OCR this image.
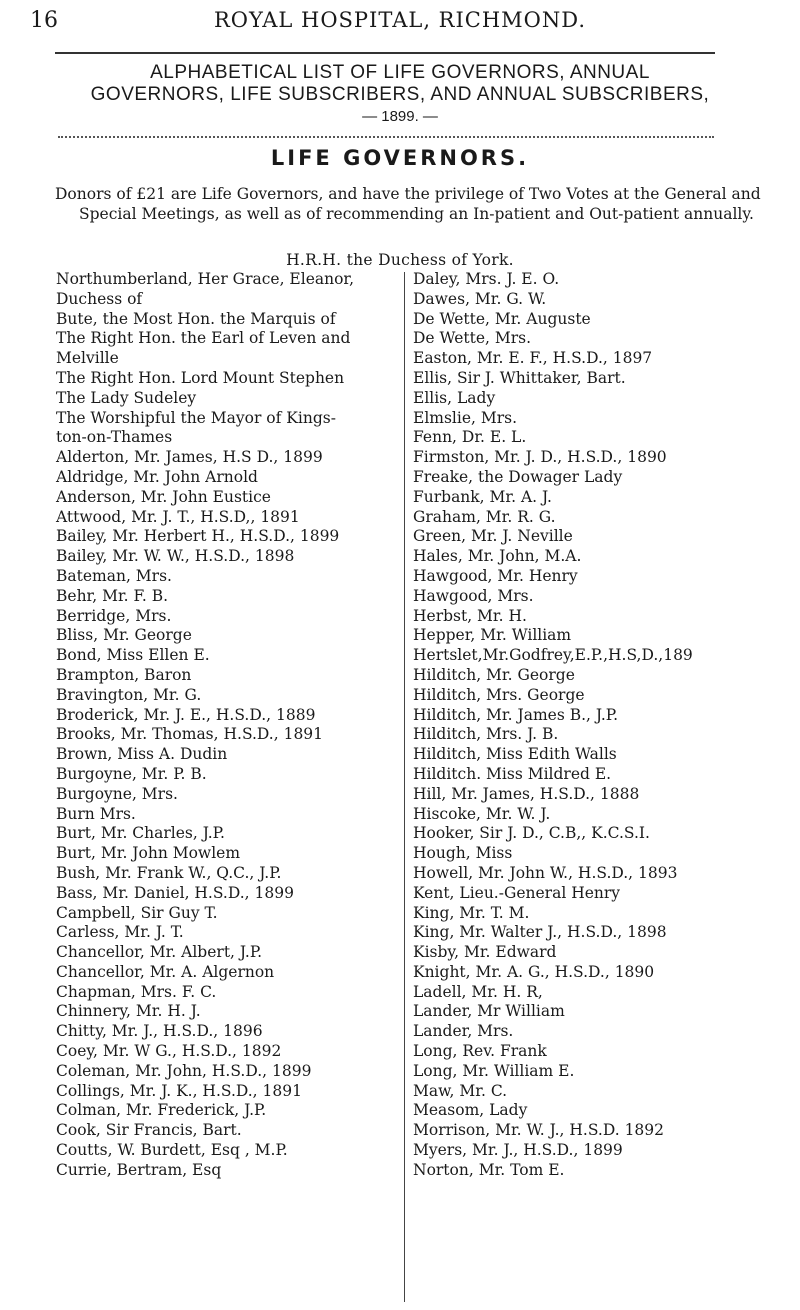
16	ROYAL HOSPITAL, RICHMOND.
ALPHABETICAL LIST OF LIFE GOVERNORS, ANNUAL
GOVERNORS, LIFE SUBSCRIBERS, AND ANNUAL SUBSCRIBERS,
— 1899. —
LIFE GOVERNORS.
Donors of £21 are Life Governors, and have the privilege of Two Votes at the General and Special Meetings, as well as of recommending an In-patient and Out-patient annually.
H.R.H. the Duchess of York.
Northumberland, Her Grace, Eleanor,
Duchess of
Bute, the Most Hon. the Marquis of
The Right Hon. the Earl of Leven and
Melville
The Right Hon. Lord Mount Stephen
The Lady Sudeley
The Worshipful the Mayor of Kings-
ton-on-Thames
Alderton, Mr. James, H.S D., 1899
Aldridge, Mr. John Arnold
Anderson, Mr. John Eustice
Attwood, Mr. J. T., H.S.D,, 1891
Bailey, Mr. Herbert H., H.S.D., 1899
Bailey, Mr. W. W., H.S.D., 1898
Bateman, Mrs.
Behr, Mr. F. B.
Berridge, Mrs.
Bliss, Mr. George
Bond, Miss Ellen E.
Brampton, Baron
Bravington, Mr. G.
Broderick, Mr. J. E., H.S.D., 1889
Brooks, Mr. Thomas, H.S.D., 1891
Brown, Miss A. Dudin
Burgoyne, Mr. P. B.
Burgoyne, Mrs.
Burn Mrs.
Burt, Mr. Charles, J.P.
Burt, Mr. John Mowlem
Bush, Mr. Frank W., Q.C., J.P.
Bass, Mr. Daniel, H.S.D., 1899
Campbell, Sir Guy T.
Carless, Mr. J. T.
Chancellor, Mr. Albert, J.P.
Chancellor, Mr. A. Algernon
Chapman, Mrs. F. C.
Chinnery, Mr. H. J.
Chitty, Mr. J., H.S.D., 1896
Coey, Mr. W G., H.S.D., 1892
Coleman, Mr. John, H.S.D., 1899
Collings, Mr. J. K., H.S.D., 1891
Colman, Mr. Frederick, J.P.
Cook, Sir Francis, Bart.
Coutts, W. Burdett, Esq , M.P.
Currie, Bertram, Esq
Daley, Mrs. J. E. O.
Dawes, Mr. G. W.
De Wette, Mr. Auguste
De Wette, Mrs.
Easton, Mr. E. F., H.S.D., 1897
Ellis, Sir J. Whittaker, Bart.
Ellis, Lady
Elmslie, Mrs.
Fenn, Dr. E. L.
Firmston, Mr. J. D., H.S.D., 1890
Freake, the Dowager Lady
Furbank, Mr. A. J.
Graham, Mr. R. G.
Green, Mr. J. Neville
Hales, Mr. John, M.A.
Hawgood, Mr. Henry
Hawgood, Mrs.
Herbst, Mr. H.
Hepper, Mr. William
Hertslet,Mr.Godfrey,E.P.,H.S,D.,189
Hilditch, Mr. George
Hilditch, Mrs. George
Hilditch, Mr. James B., J.P.
Hilditch, Mrs. J. B.
Hilditch, Miss Edith Walls
Hilditch. Miss Mildred E.
Hill, Mr. James, H.S.D., 1888
Hiscoke, Mr. W. J.
Hooker, Sir J. D., C.B,, K.C.S.I.
Hough, Miss
Howell, Mr. John W., H.S.D., 1893
Kent, Lieu.-General Henry
King, Mr. T. M.
King, Mr. Walter J., H.S.D., 1898
Kisby, Mr. Edward
Knight, Mr. A. G., H.S.D., 1890
Ladell, Mr. H. R,
Lander, Mr William
Lander, Mrs.
Long, Rev. Frank
Long, Mr. William E.
Maw, Mr. C.
Measom, Lady
Morrison, Mr. W. J., H.S.D. 1892
Myers, Mr. J., H.S.D., 1899
Norton, Mr. Tom E.
